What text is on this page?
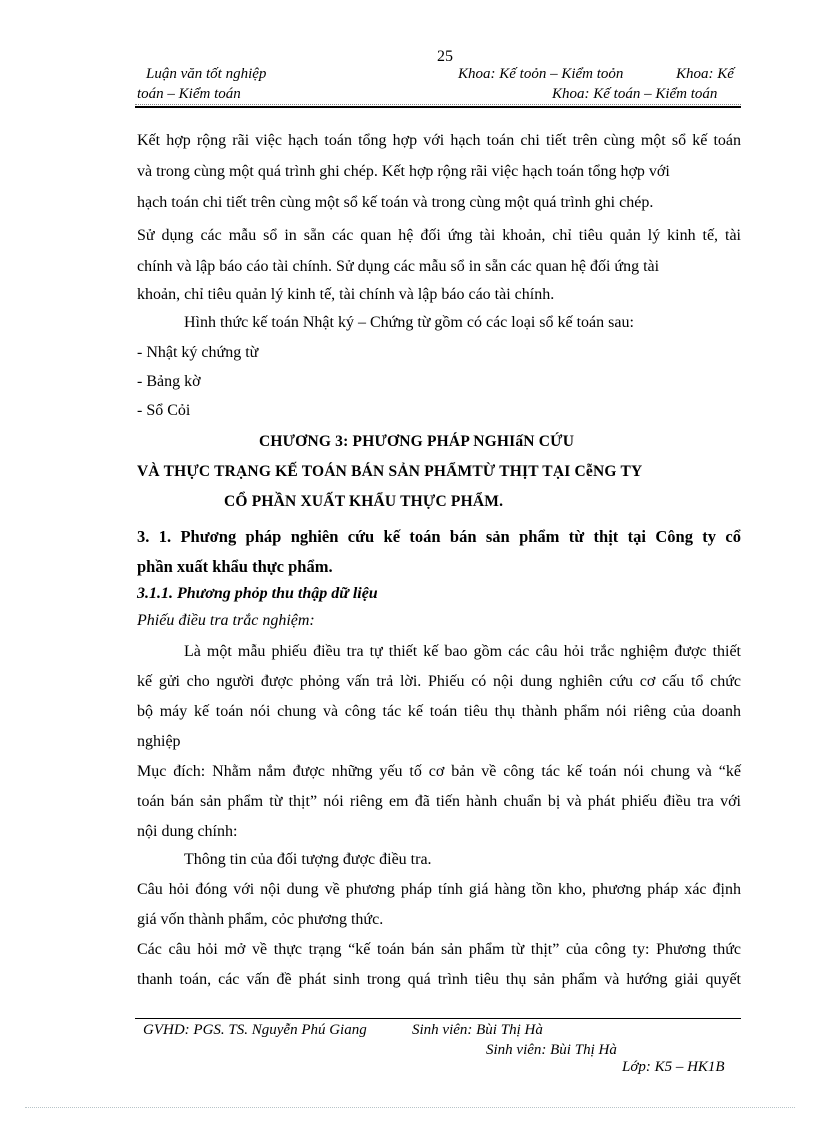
25
Luận văn tốt nghiệp	Khoa: Kế toỏn – Kiểm toỏn	Khoa: Kế
toán – Kiểm toán	Khoa: Kế toán – Kiểm toán
Kết hợp rộng rãi việc hạch toán tổng hợp với hạch toán chi tiết trên cùng một sổ kế toán
và trong cùng một quá trình ghi chép. Kết hợp rộng rãi việc hạch toán tổng hợp với
hạch toán chi tiết trên cùng một sổ kế toán và trong cùng một quá trình ghi chép.
Sử dụng các mẫu sổ in sẵn các quan hệ đối ứng tài khoản, chỉ tiêu quản lý kinh tế, tài
chính và lập báo cáo tài chính. Sử dụng các mẫu sổ in sẵn các quan hệ đối ứng tài
khoản, chỉ tiêu quản lý kinh tế, tài chính và lập báo cáo tài chính.
Hình thức kế toán Nhật ký – Chứng từ gồm có các loại sổ kế toán sau:
- Nhật ký chứng từ
- Bảng kờ
- Sổ Cỏi
CHƯƠNG 3: PHƯƠNG PHÁP NGHIấN CỨU
VÀ THỰC TRẠNG KẾ TOÁN BÁN SẢN PHẨMTỪ THỊT TẠI CễNG TY
CỔ PHẦN XUẤT KHẨU THỰC PHẨM.
3. 1. Phương pháp nghiên cứu kế toán bán sản phẩm từ thịt tại Công ty cổ
phần xuất khẩu thực phẩm.
3.1.1. Phương phỏp thu thập dữ liệu
Phiếu điều tra trắc nghiệm:
Là một mẫu phiếu điều tra tự thiết kế bao gồm các câu hỏi trắc nghiệm được thiết
kế gửi cho người được phỏng vấn trả lời. Phiếu có nội dung nghiên cứu cơ cấu tổ chức
bộ máy kế toán nói chung và công tác kế toán tiêu thụ thành phẩm nói riêng của doanh
nghiệp
Mục đích: Nhằm nắm được những yếu tố cơ bản về công tác kế toán nói chung và “kế
toán bán sản phẩm từ thịt” nói riêng em đã tiến hành chuẩn bị và phát phiếu điều tra với
nội dung chính:
Thông tin của đối tượng được điều tra.
Câu hỏi đóng với nội dung về phương pháp tính giá hàng tồn kho, phương pháp xác định
giá vốn thành phẩm, cỏc phương thức.
Các câu hỏi mở về thực trạng “kế toán bán sản phẩm từ thịt” của công ty: Phương thức
thanh toán, các vấn đề phát sinh trong quá trình tiêu thụ sản phẩm và hướng giải quyết
GVHD: PGS. TS. Nguyễn Phú Giang	Sinh viên: Bùi Thị Hà
Sinh viên: Bùi Thị Hà
Lớp: K5 – HK1B
